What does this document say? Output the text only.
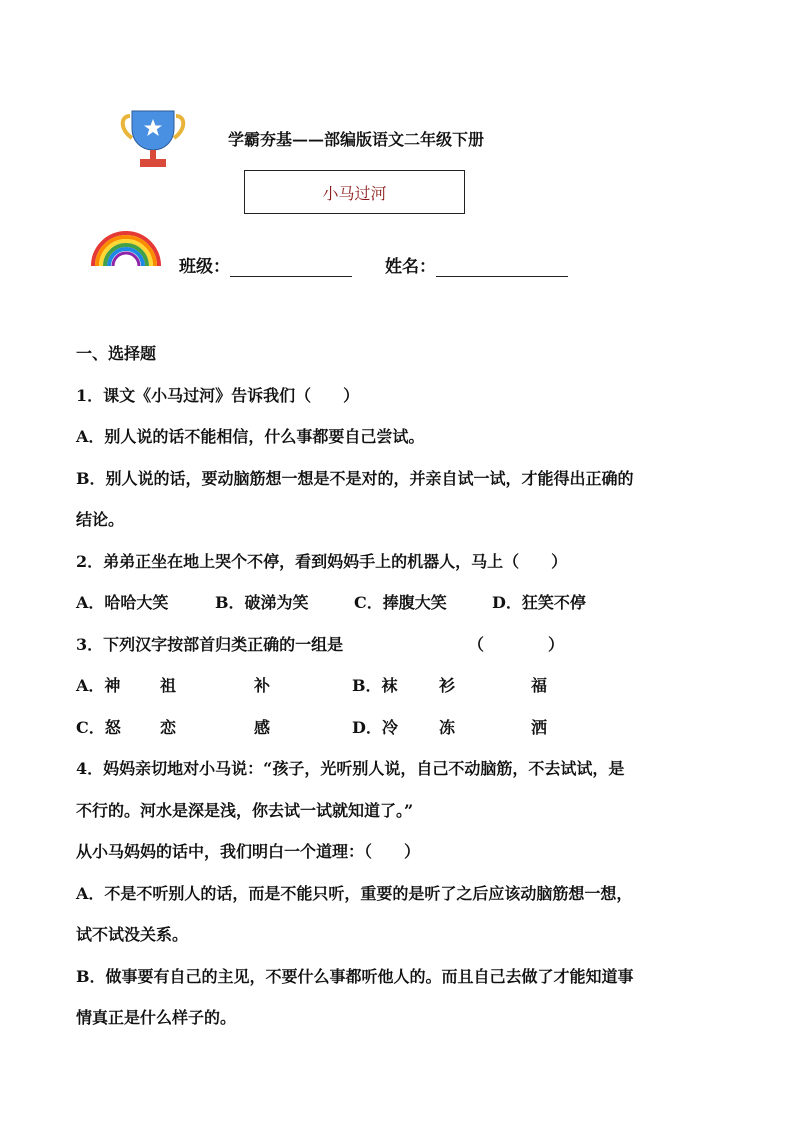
学霸夯基——部编版语文二年级下册
小马过河
班级：	姓名：

一、选择题

1．课文《小马过河》告诉我们（　　）

A．别人说的话不能相信，什么事都要自己尝试。

B．别人说的话，要动脑筋想一想是不是对的，并亲自试一试，才能得出正确的

结论。

2．弟弟正坐在地上哭个不停，看到妈妈手上的机器人，马上（　　）

A．哈哈大笑	B．破涕为笑	C．捧腹大笑	D．狂笑不停

3．下列汉字按部首归类正确的一组是	（　　　　）

A．神	祖	补	B．袜	衫	福

C．怒	恋	感	D．冷	冻	洒

4．妈妈亲切地对小马说：“孩子，光听别人说，自己不动脑筋，不去试试，是

不行的。河水是深是浅，你去试一试就知道了。”

从小马妈妈的话中，我们明白一个道理：（　　）

A．不是不听别人的话，而是不能只听，重要的是听了之后应该动脑筋想一想，

试不试没关系。

B．做事要有自己的主见，不要什么事都听他人的。而且自己去做了才能知道事

情真正是什么样子的。
